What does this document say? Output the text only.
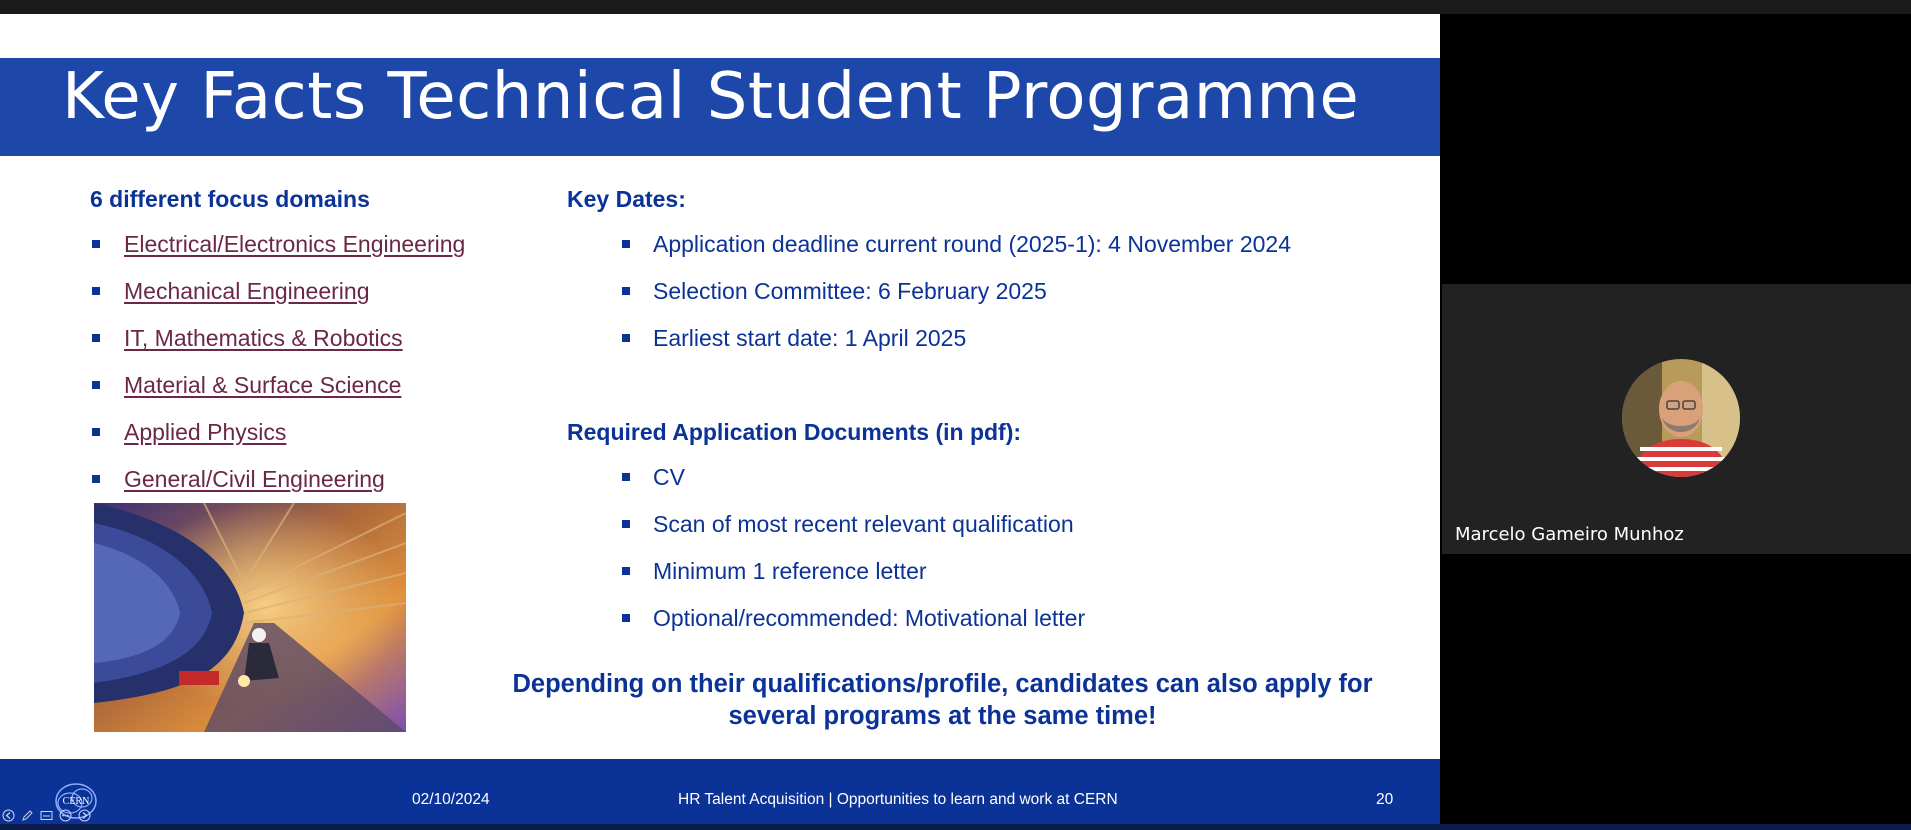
Key Facts Technical Student Programme
6 different focus domains
Electrical/Electronics Engineering
Mechanical Engineering
IT, Mathematics & Robotics
Material & Surface Science
Applied Physics
General/Civil Engineering
Key Dates:
Application deadline current round (2025-1): 4 November 2024
Selection Committee: 6 February 2025
Earliest start date: 1 April 2025
Required Application Documents (in pdf):
CV
Scan of most recent relevant qualification
Minimum 1 reference letter
Optional/recommended: Motivational letter

Depending on their qualifications/profile, candidates can also apply for several programs at the same time!

CERN	02/10/2024	HR Talent Acquisition | Opportunities to learn and work at CERN	20
Marcelo Gameiro Munhoz
